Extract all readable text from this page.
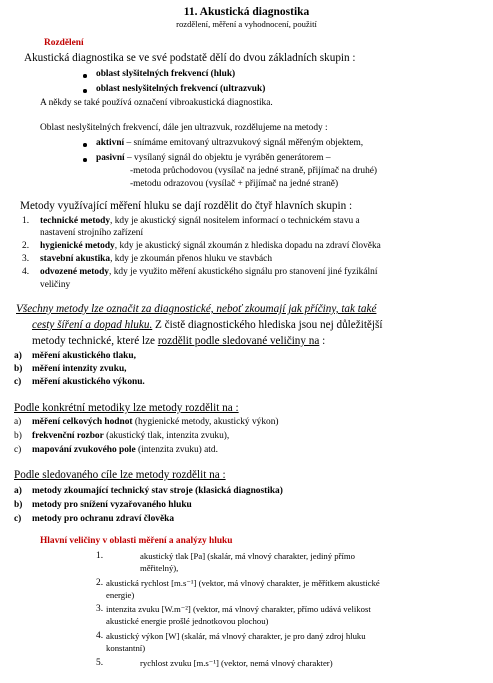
11. Akustická diagnostika
rozdělení, měření a vyhodnocení, použití
Rozdělení
Akustická diagnostika se ve své podstatě dělí do dvou základních skupin :
oblast slyšitelných frekvencí (hluk)
oblast neslyšitelných frekvencí (ultrazvuk)
A někdy se také používá označení vibroakustická diagnostika.
Oblast neslyšitelných frekvencí, dále jen ultrazvuk, rozdělujeme na metody :
aktivní – snímáme emitovaný ultrazvukový signál měřeným objektem,
pasivní – vysílaný signál do objektu je vyráběn generátorem –
-metoda průchodovou (vysílač na jedné straně, přijímač na druhé)
-metodu odrazovou (vysílač + přijímač na jedné straně)
Metody využívající měření hluku se dají rozdělit do čtyř hlavních skupin :
1. technické metody, kdy je akustický signál nositelem informací o technickém stavu a
nastavení strojního zařízení
2. hygienické metody, kdy je akustický signál zkoumán z hlediska dopadu na zdraví člověka
3. stavební akustika, kdy je zkoumán přenos hluku ve stavbách
4. odvozené metody, kdy je využito měření akustického signálu pro stanovení jiné fyzikální
veličiny
Všechny metody lze označit za diagnostické, neboť zkoumají jak příčiny, tak také
cesty šíření a dopad hluku. Z čistě diagnostického hlediska jsou nej důležitější
metody technické, které lze rozdělit podle sledované veličiny na :
a) měření akustického tlaku,
b) měření intenzity zvuku,
c) měření akustického výkonu.
Podle konkrétní metodiky lze metody rozdělit na :
a) měření celkových hodnot (hygienické metody, akustický výkon)
b) frekvenční rozbor (akustický tlak, intenzita zvuku),
c) mapování zvukového pole (intenzita zvuku) atd.
Podle sledovaného cíle lze metody rozdělit na :
a) metody zkoumající technický stav stroje (klasická diagnostika)
b) metody pro snížení vyzařovaného hluku
c) metody pro ochranu zdraví člověka
Hlavní veličiny v oblasti měření a analýzy hluku
1.	akustický tlak [Pa] (skalár, má vlnový charakter, jediný přímo
měřitelný),
2. akustická rychlost [m.s⁻¹] (vektor, má vlnový charakter, je měřítkem akustické
energie)
3. intenzita zvuku [W.m⁻²] (vektor, má vlnový charakter, přímo udává velikost
akustické energie prošlé jednotkovou plochou)
4. akustický výkon [W] (skalár, má vlnový charakter, je pro daný zdroj hluku
konstantní)
5.	rychlost zvuku [m.s⁻¹] (vektor, nemá vlnový charakter)
